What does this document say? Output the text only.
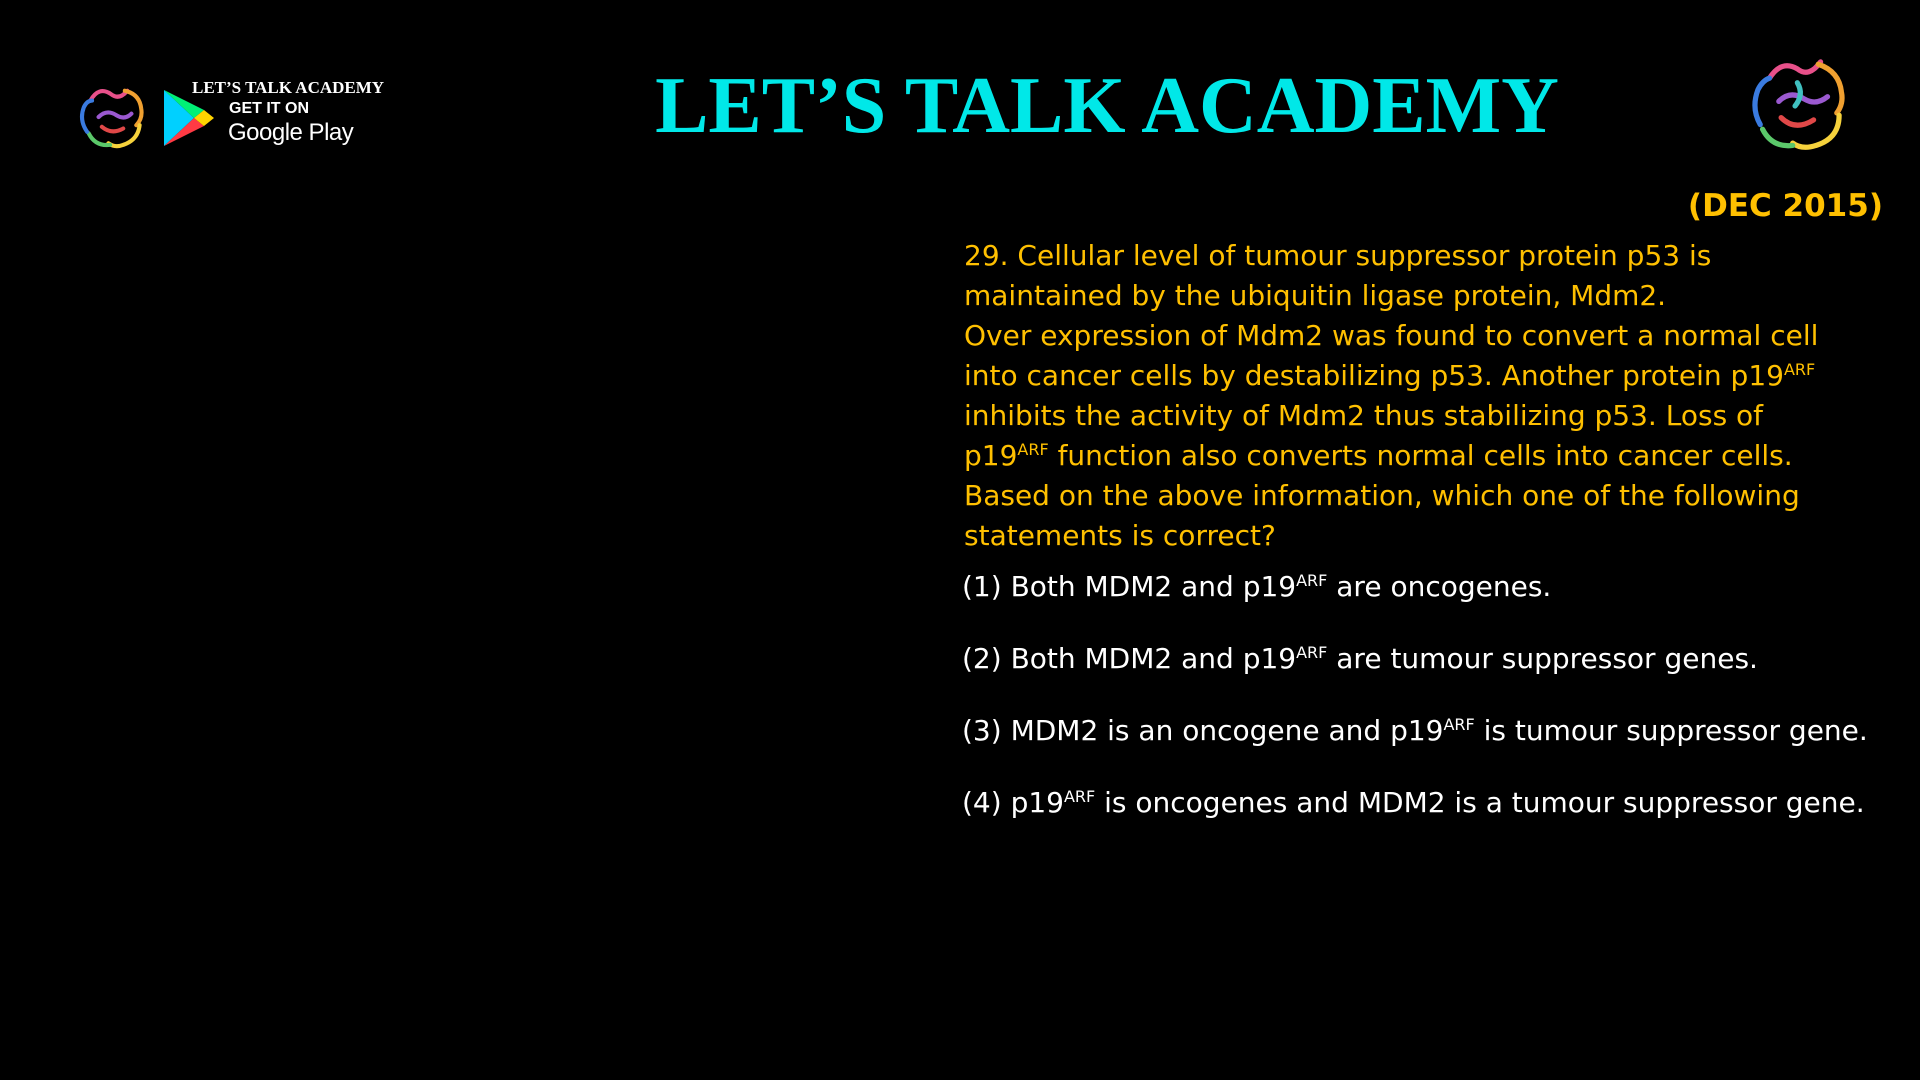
LET’S TALK ACADEMY
GET IT ON
Google Play	LET’S TALK ACADEMY
(DEC 2015)
29. Cellular level of tumour suppressor protein p53 is
maintained by the ubiquitin ligase protein, Mdm2.
Over expression of Mdm2 was found to convert a normal cell
into cancer cells by destabilizing p53. Another protein $p19^{ARF}$
inhibits the activity of Mdm2 thus stabilizing p53. Loss of
$p19^{ARF}$ function also converts normal cells into cancer cells.
Based on the above information, which one of the following
statements is correct?
(1) Both MDM2 and $p19^{ARF}$ are oncogenes.
(2) Both MDM2 and $p19^{ARF}$ are tumour suppressor genes.
(3) MDM2 is an oncogene and $p19^{ARF}$ is tumour suppressor gene.
(4) $p19^{ARF}$ is oncogenes and MDM2 is a tumour suppressor gene.
